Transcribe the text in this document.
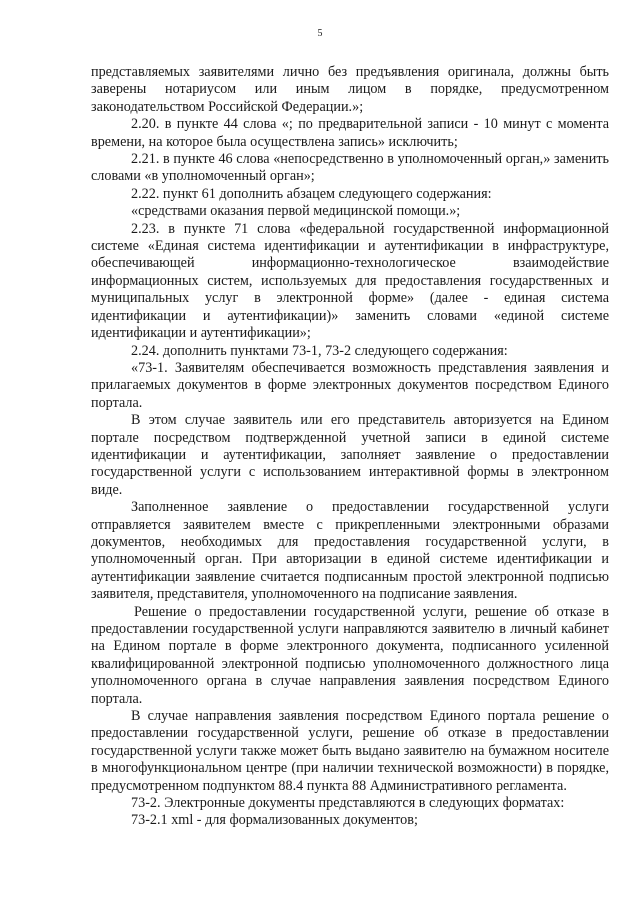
5

представляемых заявителями лично без предъявления оригинала, должны быть заверены нотариусом или иным лицом в порядке, предусмотренном законодательством Российской Федерации.»;

2.20. в пункте 44 слова «; по предварительной записи - 10 минут с момента времени, на которое была осуществлена запись» исключить;

2.21. в пункте 46 слова «непосредственно в уполномоченный орган,» заменить словами «в уполномоченный орган»;

2.22. пункт 61 дополнить абзацем следующего содержания:

«средствами оказания первой медицинской помощи.»;

2.23. в пункте 71 слова «федеральной государственной информационной системе «Единая система идентификации и аутентификации в инфраструктуре, обеспечивающей информационно-технологическое взаимодействие информационных систем, используемых для предоставления государственных и муниципальных услуг в электронной форме» (далее - единая система идентификации и аутентификации)» заменить словами «единой системе идентификации и аутентификации»;

2.24. дополнить пунктами 73-1, 73-2 следующего содержания:

«73-1. Заявителям обеспечивается возможность представления заявления и прилагаемых документов в форме электронных документов посредством Единого портала.

В этом случае заявитель или его представитель авторизуется на Едином портале посредством подтвержденной учетной записи в единой системе идентификации и аутентификации, заполняет заявление о предоставлении государственной услуги с использованием интерактивной формы в электронном виде.

Заполненное заявление о предоставлении государственной услуги отправляется заявителем вместе с прикрепленными электронными образами документов, необходимых для предоставления государственной услуги, в уполномоченный орган. При авторизации в единой системе идентификации и аутентификации заявление считается подписанным простой электронной подписью заявителя, представителя, уполномоченного на подписание заявления.

Решение о предоставлении государственной услуги, решение об отказе в предоставлении государственной услуги направляются заявителю в личный кабинет на Едином портале в форме электронного документа, подписанного усиленной квалифицированной электронной подписью уполномоченного должностного лица уполномоченного органа в случае направления заявления посредством Единого портала.

В случае направления заявления посредством Единого портала решение о предоставлении государственной услуги, решение об отказе в предоставлении государственной услуги также может быть выдано заявителю на бумажном носителе в многофункциональном центре (при наличии технической возможности) в порядке, предусмотренном подпунктом 88.4 пункта 88 Административного регламента.

73-2. Электронные документы представляются в следующих форматах:

73-2.1 xml - для формализованных документов;
